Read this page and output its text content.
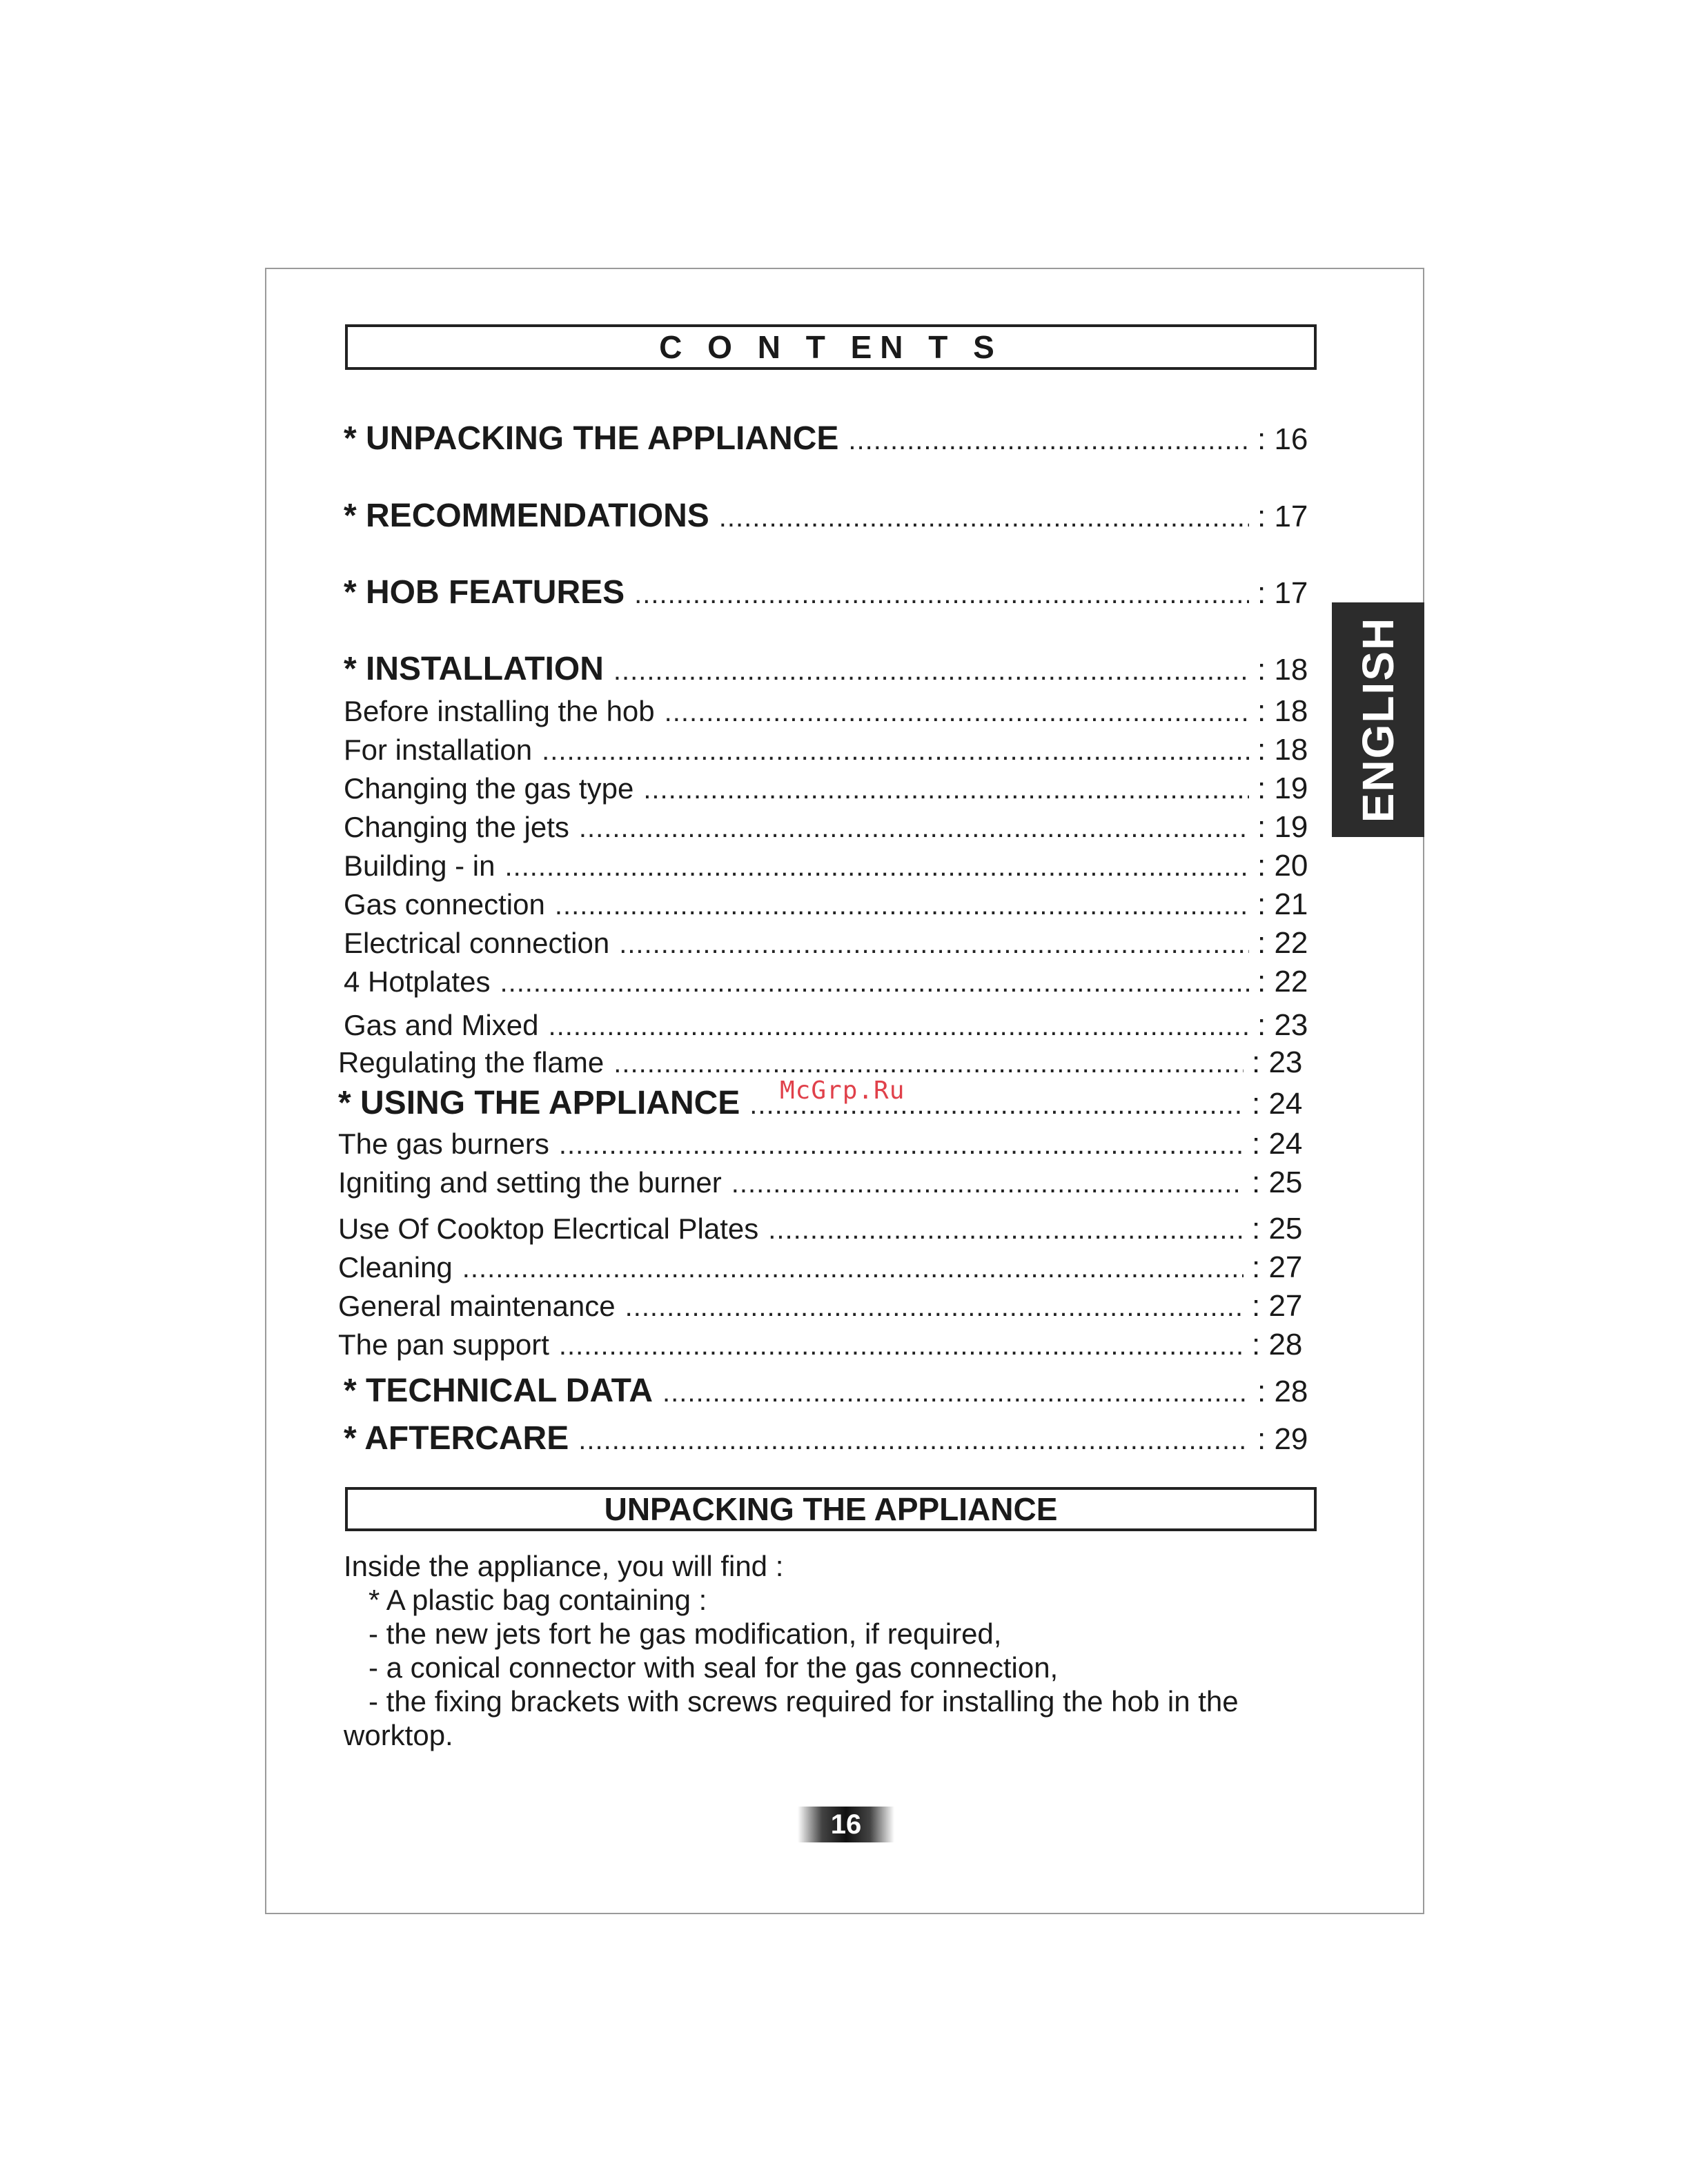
C O N T EN T S
* UNPACKING THE APPLIANCE .....	: 16
* RECOMMENDATIONS .....	: 17
* HOB FEATURES .....	: 17
* INSTALLATION .....	: 18
Before installing the hob .....	: 18
For installation .....	: 18
Changing the gas type .....	: 19
Changing the jets .....	: 19
Building - in .....	: 20
Gas connection .....	: 21
Electrical connection .....	: 22
4 Hotplates .....	: 22
Gas and Mixed .....	: 23
Regulating the flame .....	: 23
* USING THE APPLIANCE .....	: 24
The gas burners .....	: 24
Igniting and setting the burner .....	: 25
Use Of Cooktop Elecrtical Plates .....	: 25
Cleaning .....	: 27
General maintenance .....	: 27
The pan support .....	: 28
* TECHNICAL DATA .....	: 28
* AFTERCARE .....	: 29
McGrp.Ru
UNPACKING THE APPLIANCE
Inside the appliance, you will find :
* A plastic bag containing :
- the new jets fort he gas modification, if required,
- a conical connector with seal for the gas connection,
- the fixing brackets with screws required for installing the hob in the
worktop.
ENGLISH
16
